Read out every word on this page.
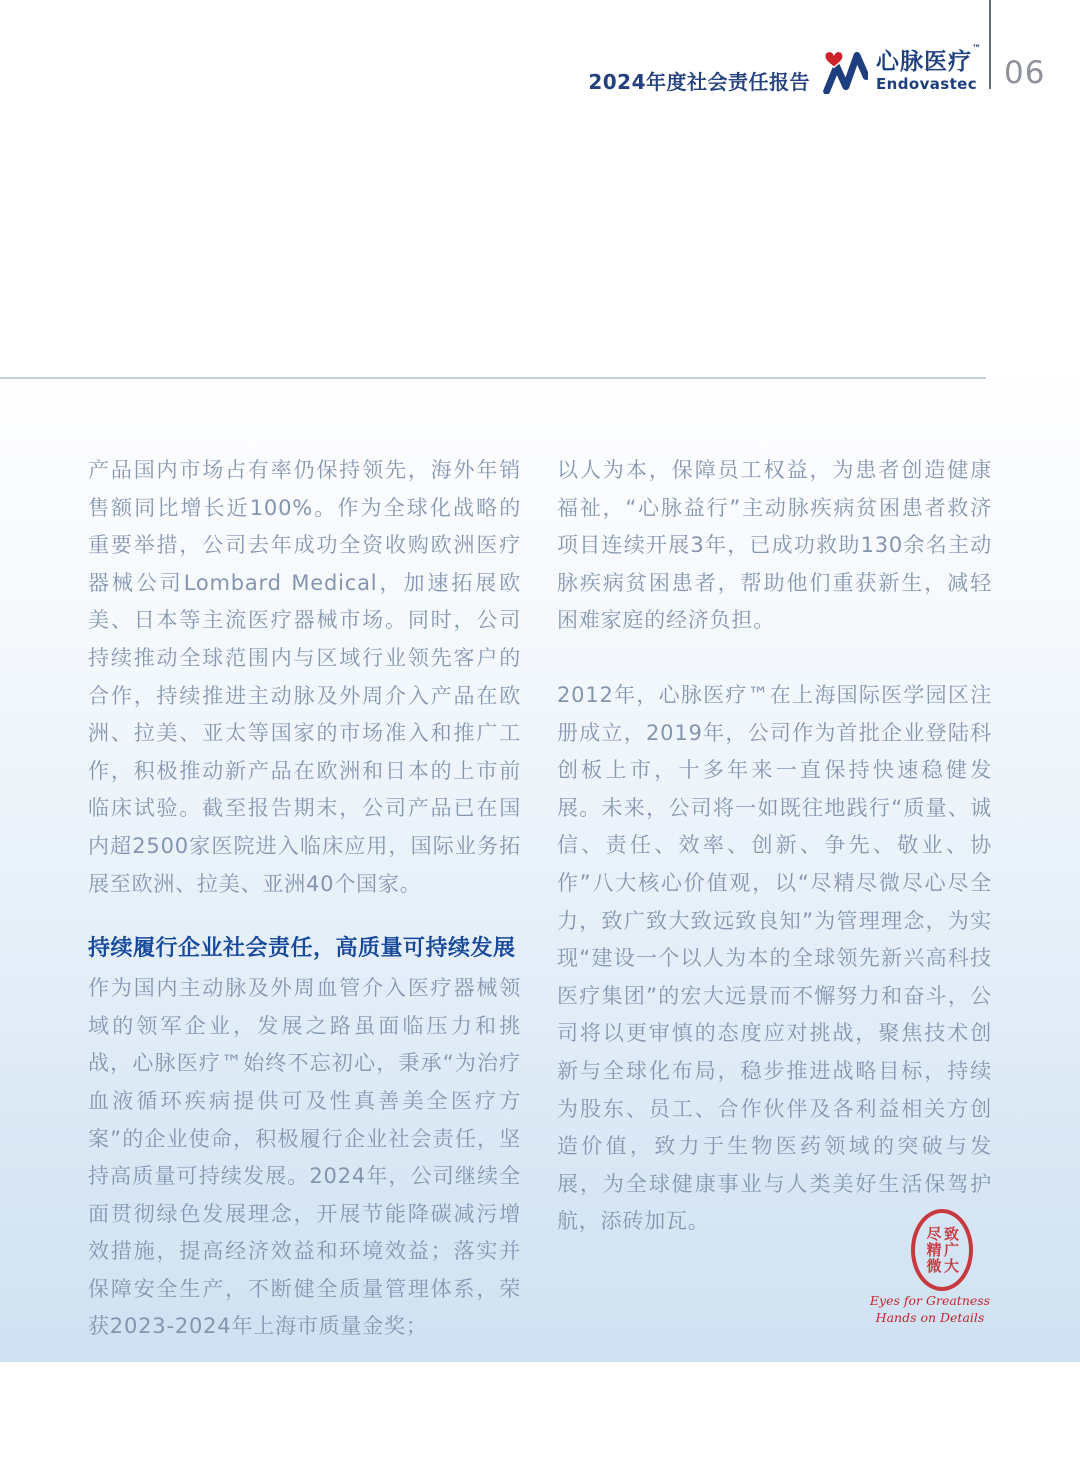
2024年度社会责任报告
心脉医疗™
Endovastec 06

产品国内市场占有率仍保持领先，海外年销售额同比增长近100%。作为全球化战略的重要举措，公司去年成功全资收购欧洲医疗器械公司Lombard Medical，加速拓展欧美、日本等主流医疗器械市场。同时，公司持续推动全球范围内与区域行业领先客户的合作，持续推进主动脉及外周介入产品在欧洲、拉美、亚太等国家的市场准入和推广工作，积极推动新产品在欧洲和日本的上市前临床试验。截至报告期末，公司产品已在国内超2500家医院进入临床应用，国际业务拓展至欧洲、拉美、亚洲40个国家。

持续履行企业社会责任，高质量可持续发展

作为国内主动脉及外周血管介入医疗器械领域的领军企业，发展之路虽面临压力和挑战，心脉医疗™始终不忘初心，秉承“为治疗血液循环疾病提供可及性真善美全医疗方案”的企业使命，积极履行企业社会责任，坚持高质量可持续发展。2024年，公司继续全面贯彻绿色发展理念，开展节能降碳减污增效措施，提高经济效益和环境效益；落实并保障安全生产，不断健全质量管理体系，荣获2023-2024年上海市质量金奖；

以人为本，保障员工权益，为患者创造健康福祉，“心脉益行”主动脉疾病贫困患者救济项目连续开展3年，已成功救助130余名主动脉疾病贫困患者，帮助他们重获新生，减轻困难家庭的经济负担。

2012年，心脉医疗™在上海国际医学园区注册成立，2019年，公司作为首批企业登陆科创板上市，十多年来一直保持快速稳健发展。未来，公司将一如既往地践行“质量、诚信、责任、效率、创新、争先、敬业、协作”八大核心价值观，以“尽精尽微尽心尽全力，致广致大致远致良知”为管理理念，为实现“建设一个以人为本的全球领先新兴高科技医疗集团”的宏大远景而不懈努力和奋斗，公司将以更审慎的态度应对挑战，聚焦技术创新与全球化布局，稳步推进战略目标，持续为股东、员工、合作伙伴及各利益相关方创造价值，致力于生物医药领域的突破与发展，为全球健康事业与人类美好生活保驾护航，添砖加瓦。

尽精微 致广大
Eyes for Greatness
Hands on Details
